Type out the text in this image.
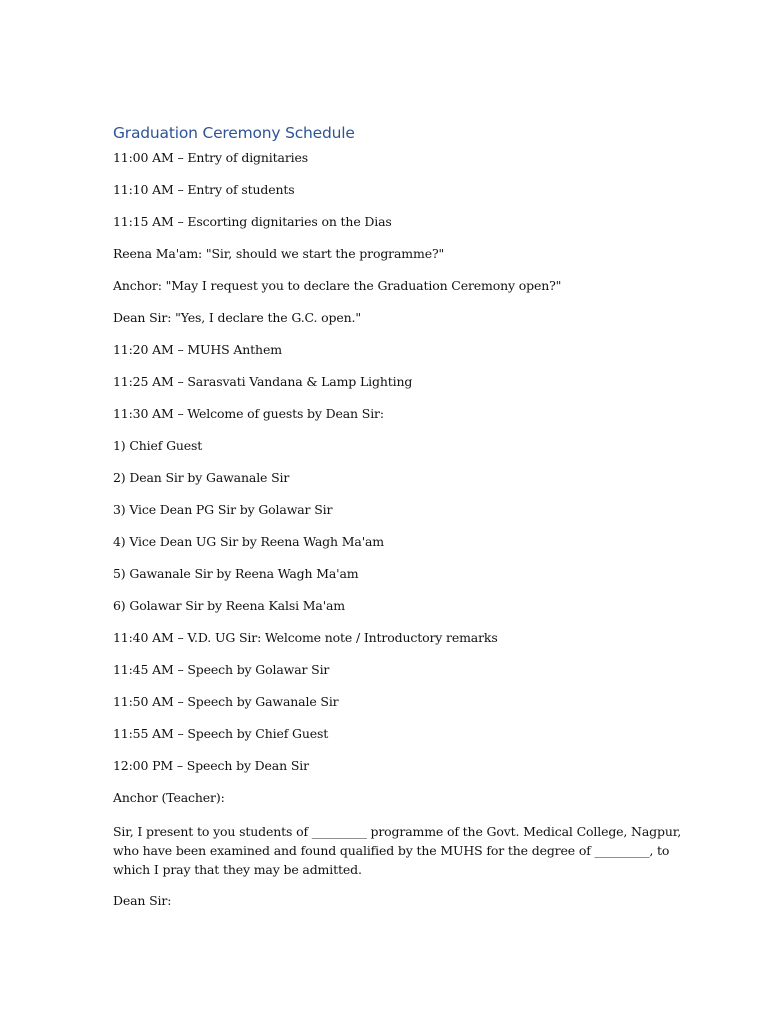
Graduation Ceremony Schedule
11:00 AM – Entry of dignitaries
11:10 AM – Entry of students
11:15 AM – Escorting dignitaries on the Dias
Reena Ma'am: "Sir, should we start the programme?"
Anchor: "May I request you to declare the Graduation Ceremony open?"
Dean Sir: "Yes, I declare the G.C. open."
11:20 AM – MUHS Anthem
11:25 AM – Sarasvati Vandana & Lamp Lighting
11:30 AM – Welcome of guests by Dean Sir:
1) Chief Guest
2) Dean Sir by Gawanale Sir
3) Vice Dean PG Sir by Golawar Sir
4) Vice Dean UG Sir by Reena Wagh Ma'am
5) Gawanale Sir by Reena Wagh Ma'am
6) Golawar Sir by Reena Kalsi Ma'am
11:40 AM – V.D. UG Sir: Welcome note / Introductory remarks
11:45 AM – Speech by Golawar Sir
11:50 AM – Speech by Gawanale Sir
11:55 AM – Speech by Chief Guest
12:00 PM – Speech by Dean Sir
Anchor (Teacher):
Sir, I present to you students of _________ programme of the Govt. Medical College, Nagpur,
who have been examined and found qualified by the MUHS for the degree of _________, to
which I pray that they may be admitted.
Dean Sir:
